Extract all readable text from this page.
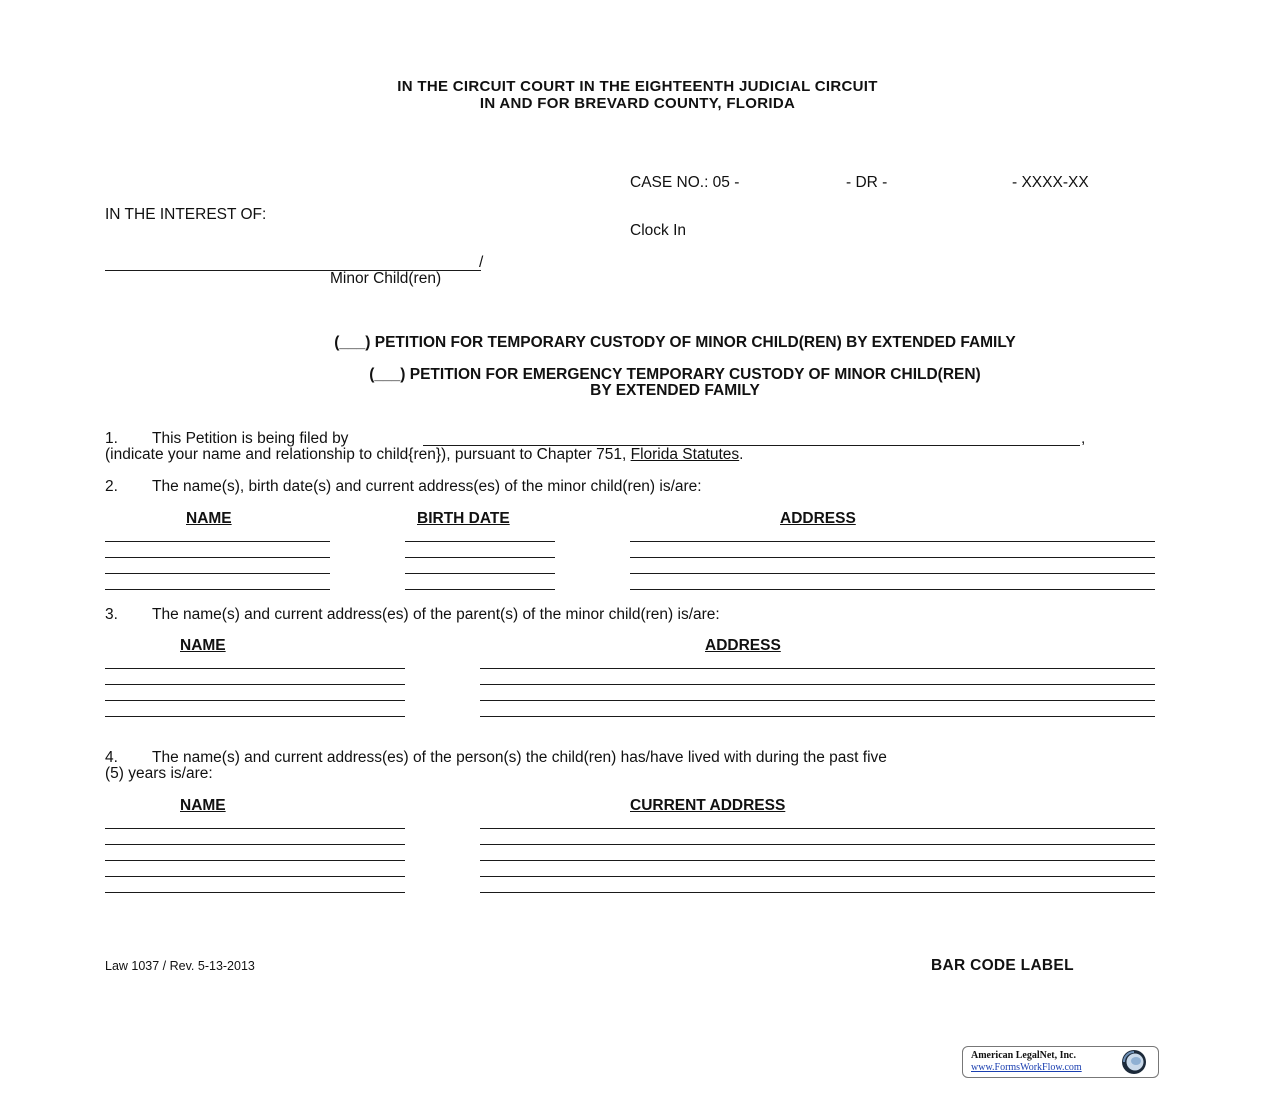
IN THE CIRCUIT COURT IN THE EIGHTEENTH JUDICIAL CIRCUIT
IN AND FOR BREVARD COUNTY, FLORIDA
CASE NO.: 05 -	- DR -	- XXXX-XX
Clock In
IN THE INTEREST OF:
/
Minor Child(ren)
(___) PETITION FOR TEMPORARY CUSTODY OF MINOR CHILD(REN) BY EXTENDED FAMILY
(___) PETITION FOR EMERGENCY TEMPORARY CUSTODY OF MINOR CHILD(REN)
BY EXTENDED FAMILY
1. This Petition is being filed by	,
(indicate your name and relationship to child{ren}), pursuant to Chapter 751, Florida Statutes.
2. The name(s), birth date(s) and current address(es) of the minor child(ren) is/are:
NAME	BIRTH DATE	ADDRESS
3. The name(s) and current address(es) of the parent(s) of the minor child(ren) is/are:
NAME	ADDRESS
4. The name(s) and current address(es) of the person(s) the child(ren) has/have lived with during the past five
(5) years is/are:
NAME	CURRENT ADDRESS
Law 1037 / Rev. 5-13-2013	BAR CODE LABEL
American LegalNet, Inc.
www.FormsWorkFlow.com
